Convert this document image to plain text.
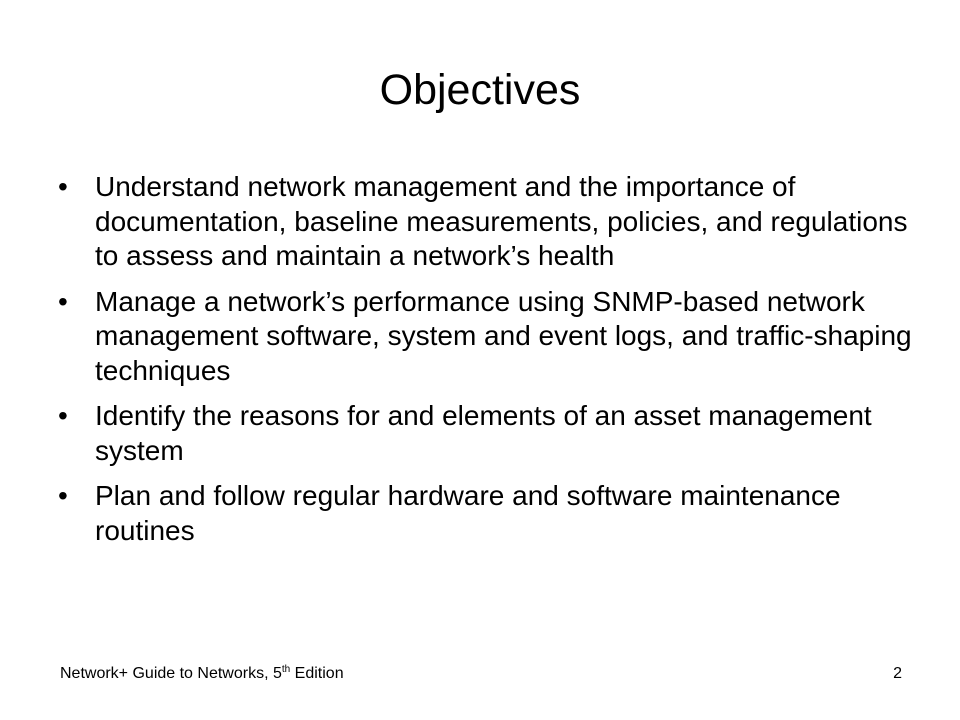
Objectives
• Understand network management and the importance of documentation, baseline measurements, policies, and regulations to assess and maintain a network’s health
• Manage a network’s performance using SNMP-based network management software, system and event logs, and traffic-shaping techniques
• Identify the reasons for and elements of an asset management system
• Plan and follow regular hardware and software maintenance routines
Network+ Guide to Networks, 5th Edition	2
